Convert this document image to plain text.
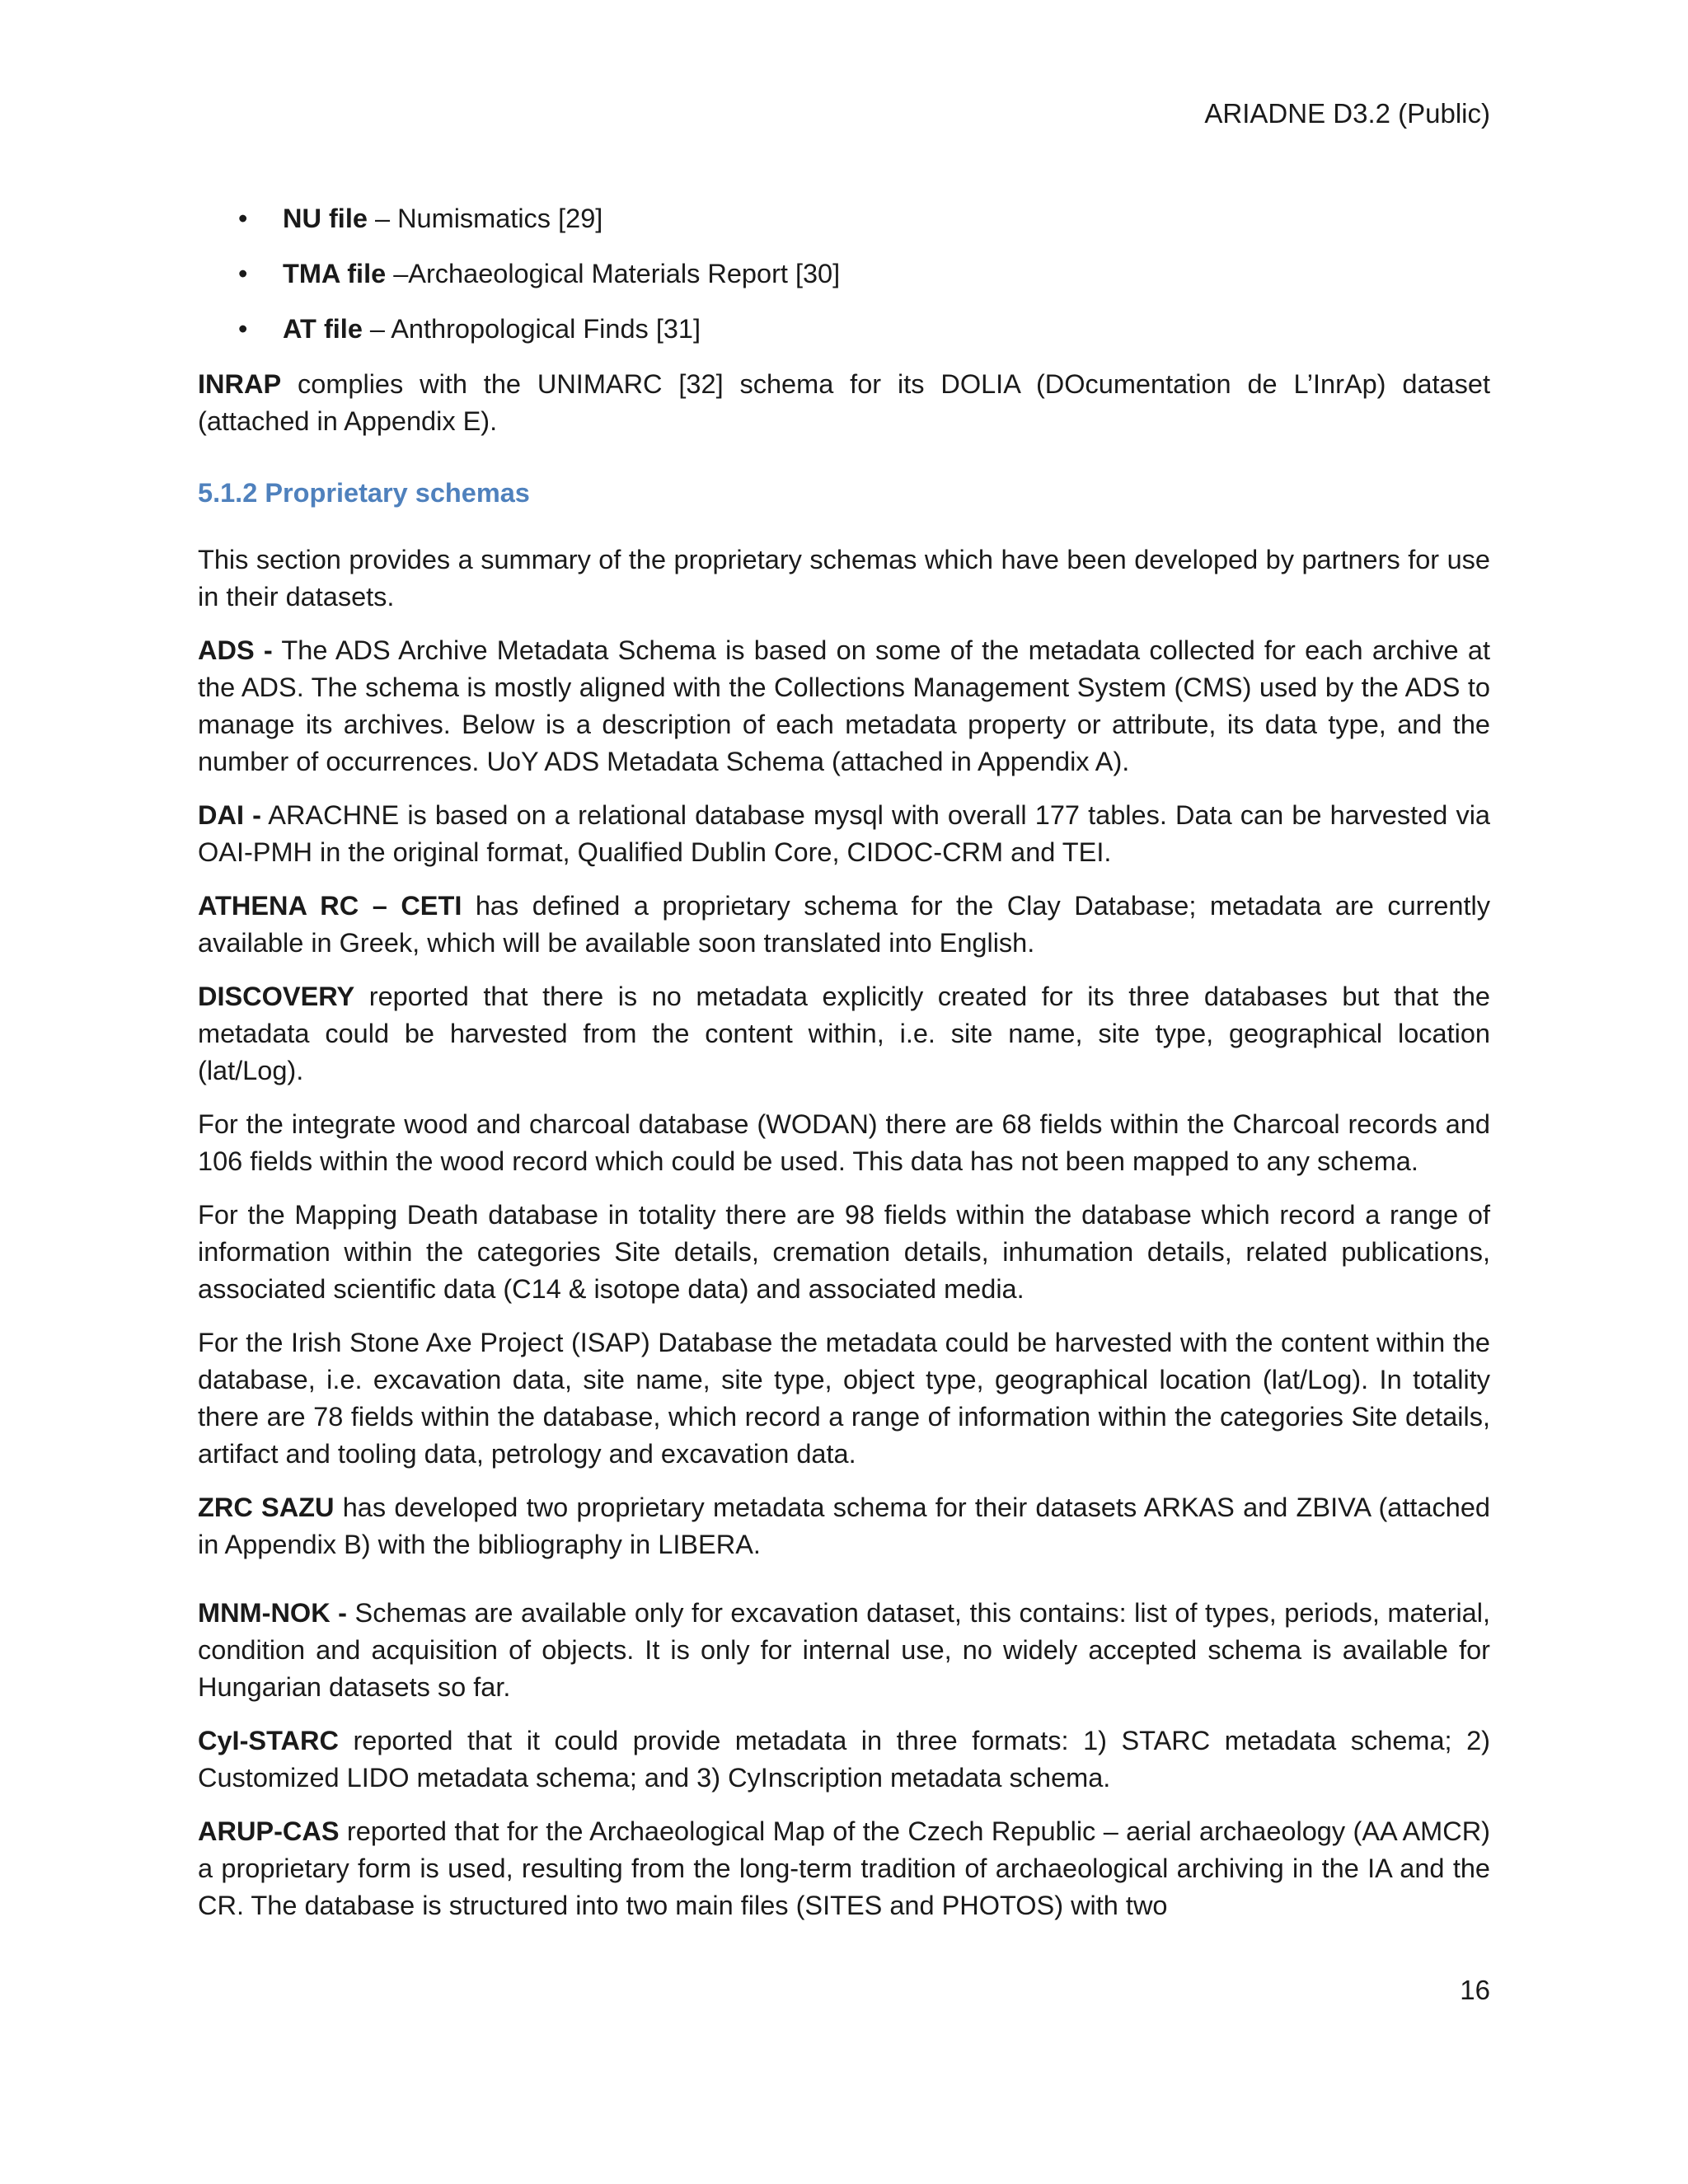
ARIADNE D3.2 (Public)
• NU file – Numismatics [29]
• TMA file –Archaeological Materials Report [30]
• AT file – Anthropological Finds [31]

INRAP complies with the UNIMARC [32] schema for its DOLIA (DOcumentation de L’InrAp) dataset (attached in Appendix E).

5.1.2 Proprietary schemas

This section provides a summary of the proprietary schemas which have been developed by partners for use in their datasets.

ADS - The ADS Archive Metadata Schema is based on some of the metadata collected for each archive at the ADS. The schema is mostly aligned with the Collections Management System (CMS) used by the ADS to manage its archives. Below is a description of each metadata property or attribute, its data type, and the number of occurrences. UoY ADS Metadata Schema (attached in Appendix A).

DAI - ARACHNE is based on a relational database mysql with overall 177 tables. Data can be harvested via OAI-PMH in the original format, Qualified Dublin Core, CIDOC-CRM and TEI.

ATHENA RC – CETI has defined a proprietary schema for the Clay Database; metadata are currently available in Greek, which will be available soon translated into English.

DISCOVERY reported that there is no metadata explicitly created for its three databases but that the metadata could be harvested from the content within, i.e. site name, site type, geographical location (lat/Log).

For the integrate wood and charcoal database (WODAN) there are 68 fields within the Charcoal records and 106 fields within the wood record which could be used. This data has not been mapped to any schema.

For the Mapping Death database in totality there are 98 fields within the database which record a range of information within the categories Site details, cremation details, inhumation details, related publications, associated scientific data (C14 & isotope data) and associated media.

For the Irish Stone Axe Project (ISAP) Database the metadata could be harvested with the content within the database, i.e. excavation data, site name, site type, object type, geographical location (lat/Log). In totality there are 78 fields within the database, which record a range of information within the categories Site details, artifact and tooling data, petrology and excavation data.

ZRC SAZU has developed two proprietary metadata schema for their datasets ARKAS and ZBIVA (attached in Appendix B) with the bibliography in LIBERA.

MNM-NOK - Schemas are available only for excavation dataset, this contains: list of types, periods, material, condition and acquisition of objects. It is only for internal use, no widely accepted schema is available for Hungarian datasets so far.

CyI-STARC reported that it could provide metadata in three formats: 1) STARC metadata schema; 2) Customized LIDO metadata schema; and 3) CyInscription metadata schema.

ARUP-CAS reported that for the Archaeological Map of the Czech Republic – aerial archaeology (AA AMCR) a proprietary form is used, resulting from the long-term tradition of archaeological archiving in the IA and the CR. The database is structured into two main files (SITES and PHOTOS) with two

16
